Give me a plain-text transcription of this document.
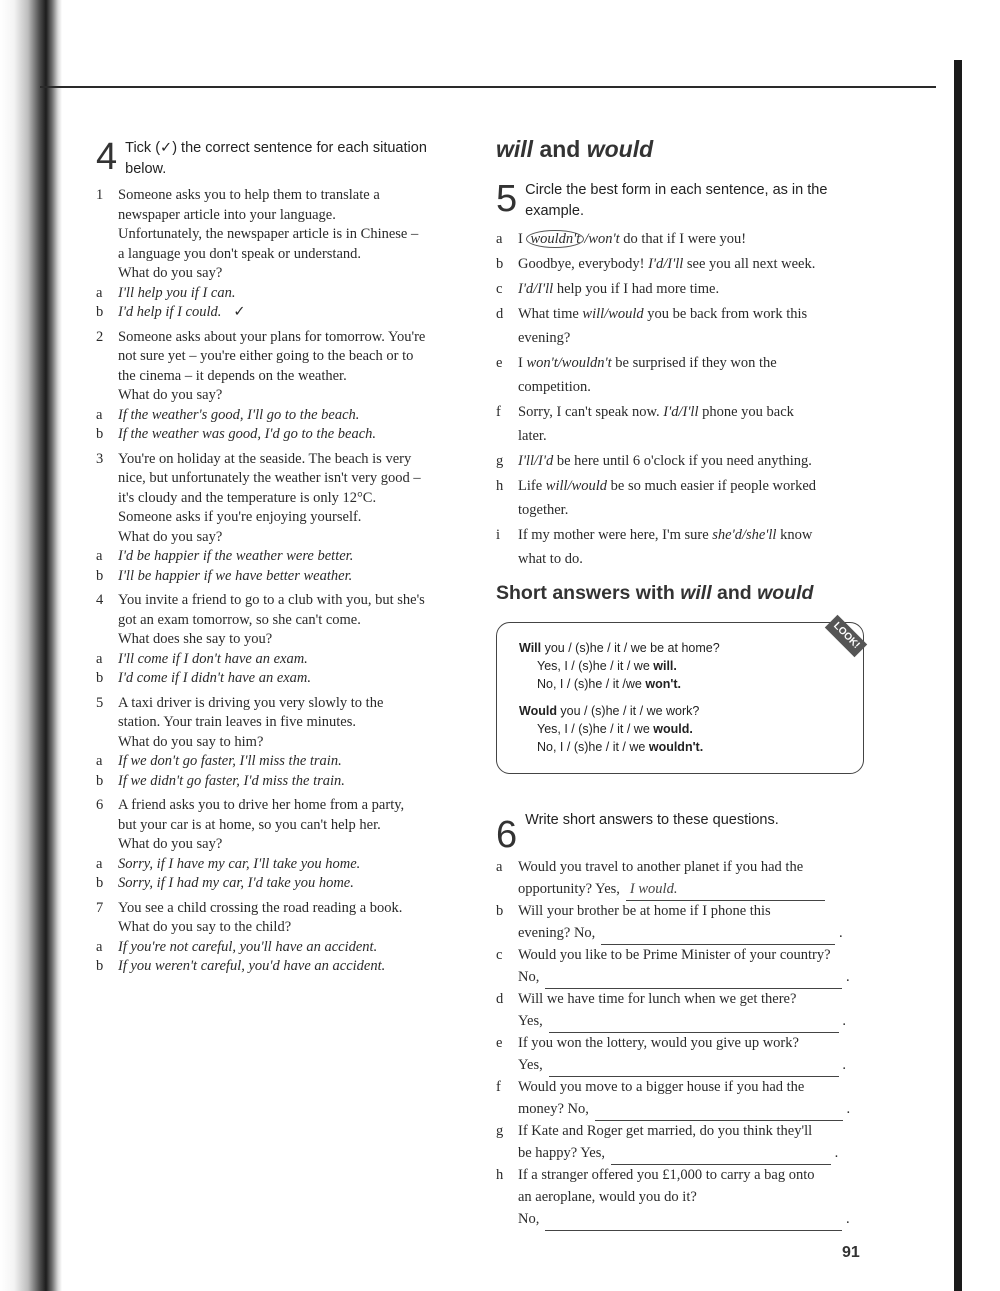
4 Tick (✓) the correct sentence for each situation
below.
1	Someone asks you to help them to translate a
newspaper article into your language.
Unfortunately, the newspaper article is in Chinese –
a language you don't speak or understand.
What do you say?
a	I'll help you if I can.
b	I'd help if I could. ✓
2	Someone asks about your plans for tomorrow. You're
not sure yet – you're either going to the beach or to
the cinema – it depends on the weather.
What do you say?
a	If the weather's good, I'll go to the beach.
b	If the weather was good, I'd go to the beach.
3	You're on holiday at the seaside. The beach is very
nice, but unfortunately the weather isn't very good –
it's cloudy and the temperature is only 12°C.
Someone asks if you're enjoying yourself.
What do you say?
a	I'd be happier if the weather were better.
b	I'll be happier if we have better weather.
4	You invite a friend to go to a club with you, but she's
got an exam tomorrow, so she can't come.
What does she say to you?
a	I'll come if I don't have an exam.
b	I'd come if I didn't have an exam.
5	A taxi driver is driving you very slowly to the
station. Your train leaves in five minutes.
What do you say to him?
a	If we don't go faster, I'll miss the train.
b	If we didn't go faster, I'd miss the train.
6	A friend asks you to drive her home from a party,
but your car is at home, so you can't help her.
What do you say?
a	Sorry, if I have my car, I'll take you home.
b	Sorry, if I had my car, I'd take you home.
7	You see a child crossing the road reading a book.
What do you say to the child?
a	If you're not careful, you'll have an accident.
b	If you weren't careful, you'd have an accident.
will and would
5 Circle the best form in each sentence, as in the
example.
a	I wouldn't /won't do that if I were you!
b	Goodbye, everybody! I'd/I'll see you all next week.
c	I'd/I'll help you if I had more time.
d	What time will/would you be back from work this
evening?
e	I won't/wouldn't be surprised if they won the
competition.
f	Sorry, I can't speak now. I'd/I'll phone you back
later.
g	I'll/I'd be here until 6 o'clock if you need anything.
h	Life will/would be so much easier if people worked
together.
i	If my mother were here, I'm sure she'd/she'll know
what to do.
Short answers with will and would
LOOK!
Will you / (s)he / it / we be at home?
Yes, I / (s)he / it / we will.
No, I / (s)he / it /we won't.
Would you / (s)he / it / we work?
Yes, I / (s)he / it / we would.
No, I / (s)he / it / we wouldn't.
6 Write short answers to these questions.
a	Would you travel to another planet if you had the
opportunity? Yes, I would.
b	Will your brother be at home if I phone this
evening? No,	.
c	Would you like to be Prime Minister of your country?
No,	.
d	Will we have time for lunch when we get there?
Yes,	.
e	If you won the lottery, would you give up work?
Yes,	.
f	Would you move to a bigger house if you had the
money? No,	.
g	If Kate and Roger get married, do you think they'll
be happy? Yes,	.
h	If a stranger offered you £1,000 to carry a bag onto
an aeroplane, would you do it?
No,	.
91
